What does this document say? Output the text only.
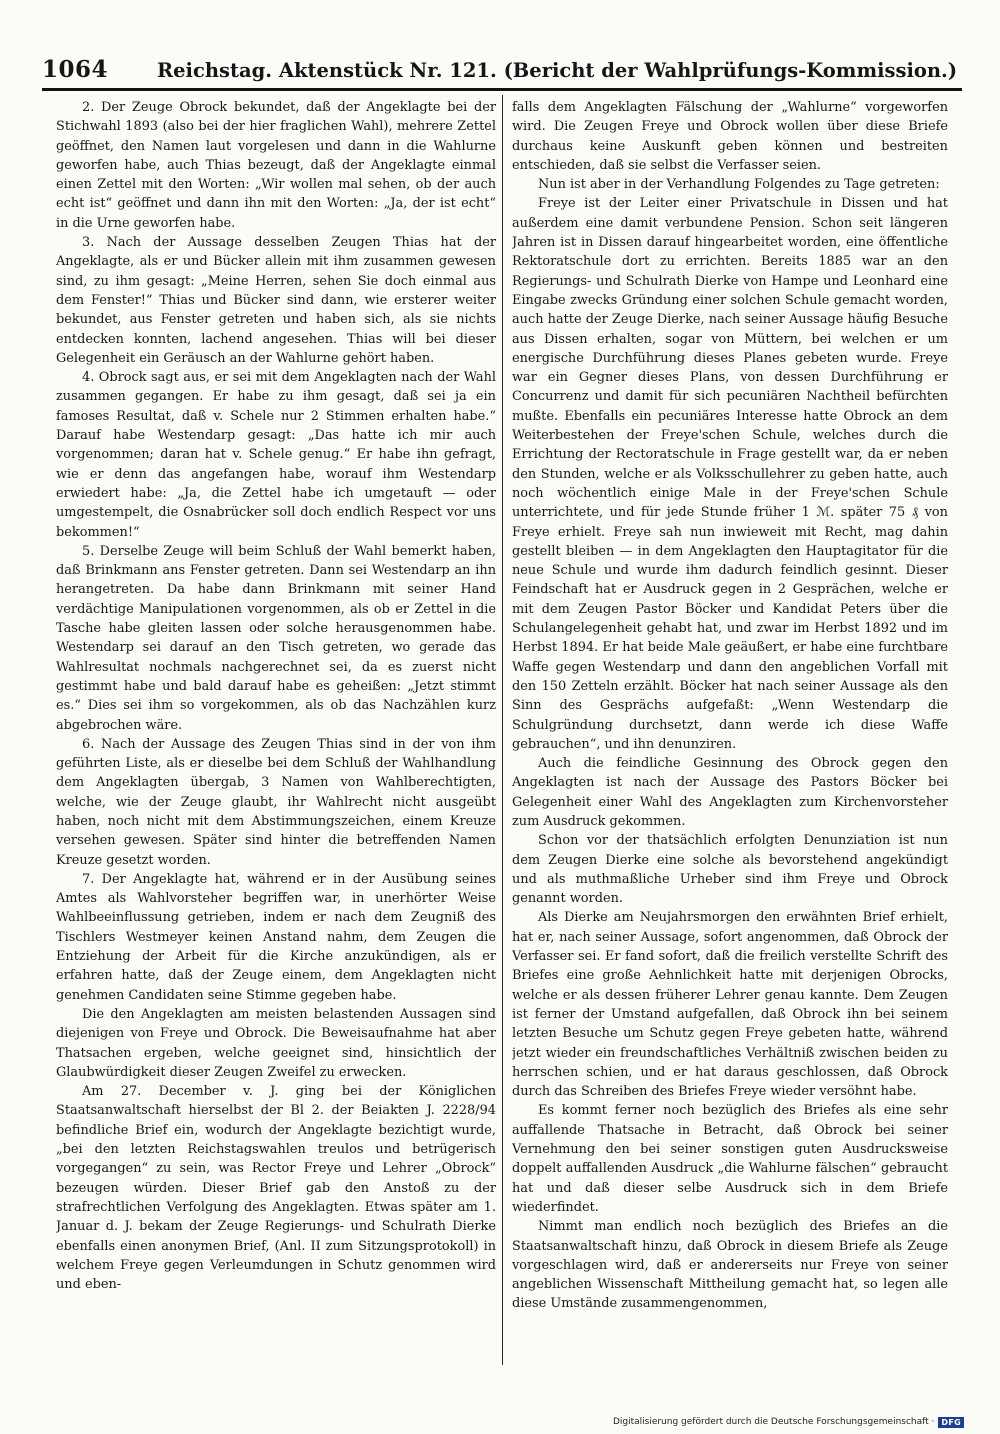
1064	Reichstag. Aktenstück Nr. 121. (Bericht der Wahlprüfungs-Kommission.)

2. Der Zeuge Obrock bekundet, daß der Angeklagte bei der Stichwahl 1893 (also bei der hier fraglichen Wahl), mehrere Zettel geöffnet, den Namen laut vorgelesen und dann in die Wahlurne geworfen habe, auch Thias bezeugt, daß der Angeklagte einmal einen Zettel mit den Worten: „Wir wollen mal sehen, ob der auch echt ist“ geöffnet und dann ihn mit den Worten: „Ja, der ist echt“ in die Urne geworfen habe.

3. Nach der Aussage desselben Zeugen Thias hat der Angeklagte, als er und Bücker allein mit ihm zusammen gewesen sind, zu ihm gesagt: „Meine Herren, sehen Sie doch einmal aus dem Fenster!“ Thias und Bücker sind dann, wie ersterer weiter bekundet, aus Fenster getreten und haben sich, als sie nichts entdecken konnten, lachend angesehen. Thias will bei dieser Gelegenheit ein Geräusch an der Wahlurne gehört haben.

4. Obrock sagt aus, er sei mit dem Angeklagten nach der Wahl zusammen gegangen. Er habe zu ihm gesagt, daß sei ja ein famoses Resultat, daß v. Schele nur 2 Stimmen erhalten habe.“ Darauf habe Westendarp gesagt: „Das hatte ich mir auch vorgenommen; daran hat v. Schele genug.“ Er habe ihn gefragt, wie er denn das angefangen habe, worauf ihm Westendarp erwiedert habe: „Ja, die Zettel habe ich umgetauft — oder umgestempelt, die Osnabrücker soll doch endlich Respect vor uns bekommen!“

5. Derselbe Zeuge will beim Schluß der Wahl bemerkt haben, daß Brinkmann ans Fenster getreten. Dann sei Westendarp an ihn herangetreten. Da habe dann Brinkmann mit seiner Hand verdächtige Manipulationen vorgenommen, als ob er Zettel in die Tasche habe gleiten lassen oder solche herausgenommen habe. Westendarp sei darauf an den Tisch getreten, wo gerade das Wahlresultat nochmals nachgerechnet sei, da es zuerst nicht gestimmt habe und bald darauf habe es geheißen: „Jetzt stimmt es.“ Dies sei ihm so vorgekommen, als ob das Nachzählen kurz abgebrochen wäre.

6. Nach der Aussage des Zeugen Thias sind in der von ihm geführten Liste, als er dieselbe bei dem Schluß der Wahlhandlung dem Angeklagten übergab, 3 Namen von Wahlberechtigten, welche, wie der Zeuge glaubt, ihr Wahlrecht nicht ausgeübt haben, noch nicht mit dem Abstimmungszeichen, einem Kreuze versehen gewesen. Später sind hinter die betreffenden Namen Kreuze gesetzt worden.

7. Der Angeklagte hat, während er in der Ausübung seines Amtes als Wahlvorsteher begriffen war, in unerhörter Weise Wahlbeeinflussung getrieben, indem er nach dem Zeugniß des Tischlers Westmeyer keinen Anstand nahm, dem Zeugen die Entziehung der Arbeit für die Kirche anzukündigen, als er erfahren hatte, daß der Zeuge einem, dem Angeklagten nicht genehmen Candidaten seine Stimme gegeben habe.

Die den Angeklagten am meisten belastenden Aussagen sind diejenigen von Freye und Obrock. Die Beweisaufnahme hat aber Thatsachen ergeben, welche geeignet sind, hinsichtlich der Glaubwürdigkeit dieser Zeugen Zweifel zu erwecken.

Am 27. December v. J. ging bei der Königlichen Staatsanwaltschaft hierselbst der Bl 2. der Beiakten J. 2228/94 befindliche Brief ein, wodurch der Angeklagte bezichtigt wurde, „bei den letzten Reichstagswahlen treulos und betrügerisch vorgegangen“ zu sein, was Rector Freye und Lehrer „Obrock“ bezeugen würden. Dieser Brief gab den Anstoß zu der strafrechtlichen Verfolgung des Angeklagten. Etwas später am 1. Januar d. J. bekam der Zeuge Regierungs- und Schulrath Dierke ebenfalls einen anonymen Brief, (Anl. II zum Sitzungsprotokoll) in welchem Freye gegen Verleumdungen in Schutz genommen wird und eben-

falls dem Angeklagten Fälschung der „Wahlurne“ vorgeworfen wird. Die Zeugen Freye und Obrock wollen über diese Briefe durchaus keine Auskunft geben können und bestreiten entschieden, daß sie selbst die Verfasser seien.

Nun ist aber in der Verhandlung Folgendes zu Tage getreten:

Freye ist der Leiter einer Privatschule in Dissen und hat außerdem eine damit verbundene Pension. Schon seit längeren Jahren ist in Dissen darauf hingearbeitet worden, eine öffentliche Rektoratschule dort zu errichten. Bereits 1885 war an den Regierungs- und Schulrath Dierke von Hampe und Leonhard eine Eingabe zwecks Gründung einer solchen Schule gemacht worden, auch hatte der Zeuge Dierke, nach seiner Aussage häufig Besuche aus Dissen erhalten, sogar von Müttern, bei welchen er um energische Durchführung dieses Planes gebeten wurde. Freye war ein Gegner dieses Plans, von dessen Durchführung er Concurrenz und damit für sich pecuniären Nachtheil befürchten mußte. Ebenfalls ein pecuniäres Interesse hatte Obrock an dem Weiterbestehen der Freye'schen Schule, welches durch die Errichtung der Rectoratschule in Frage gestellt war, da er neben den Stunden, welche er als Volksschullehrer zu geben hatte, auch noch wöchentlich einige Male in der Freye'schen Schule unterrichtete, und für jede Stunde früher 1 ℳ. später 75 ₰ von Freye erhielt. Freye sah nun inwieweit mit Recht, mag dahin gestellt bleiben — in dem Angeklagten den Hauptagitator für die neue Schule und wurde ihm dadurch feindlich gesinnt. Dieser Feindschaft hat er Ausdruck gegen in 2 Gesprächen, welche er mit dem Zeugen Pastor Böcker und Kandidat Peters über die Schulangelegenheit gehabt hat, und zwar im Herbst 1892 und im Herbst 1894. Er hat beide Male geäußert, er habe eine furchtbare Waffe gegen Westendarp und dann den angeblichen Vorfall mit den 150 Zetteln erzählt. Böcker hat nach seiner Aussage als den Sinn des Gesprächs aufgefaßt: „Wenn Westendarp die Schulgründung durchsetzt, dann werde ich diese Waffe gebrauchen“, und ihn denunziren.

Auch die feindliche Gesinnung des Obrock gegen den Angeklagten ist nach der Aussage des Pastors Böcker bei Gelegenheit einer Wahl des Angeklagten zum Kirchenvorsteher zum Ausdruck gekommen.

Schon vor der thatsächlich erfolgten Denunziation ist nun dem Zeugen Dierke eine solche als bevorstehend angekündigt und als muthmaßliche Urheber sind ihm Freye und Obrock genannt worden.

Als Dierke am Neujahrsmorgen den erwähnten Brief erhielt, hat er, nach seiner Aussage, sofort angenommen, daß Obrock der Verfasser sei. Er fand sofort, daß die freilich verstellte Schrift des Briefes eine große Aehnlichkeit hatte mit derjenigen Obrocks, welche er als dessen früherer Lehrer genau kannte. Dem Zeugen ist ferner der Umstand aufgefallen, daß Obrock ihn bei seinem letzten Besuche um Schutz gegen Freye gebeten hatte, während jetzt wieder ein freundschaftliches Verhältniß zwischen beiden zu herrschen schien, und er hat daraus geschlossen, daß Obrock durch das Schreiben des Briefes Freye wieder versöhnt habe.

Es kommt ferner noch bezüglich des Briefes als eine sehr auffallende Thatsache in Betracht, daß Obrock bei seiner Vernehmung den bei seiner sonstigen guten Ausdrucksweise doppelt auffallenden Ausdruck „die Wahlurne fälschen“ gebraucht hat und daß dieser selbe Ausdruck sich in dem Briefe wiederfindet.

Nimmt man endlich noch bezüglich des Briefes an die Staatsanwaltschaft hinzu, daß Obrock in diesem Briefe als Zeuge vorgeschlagen wird, daß er andererseits nur Freye von seiner angeblichen Wissenschaft Mittheilung gemacht hat, so legen alle diese Umstände zusammengenommen,

Digitalisierung gefördert durch die Deutsche Forschungsgemeinschaft · DFG
